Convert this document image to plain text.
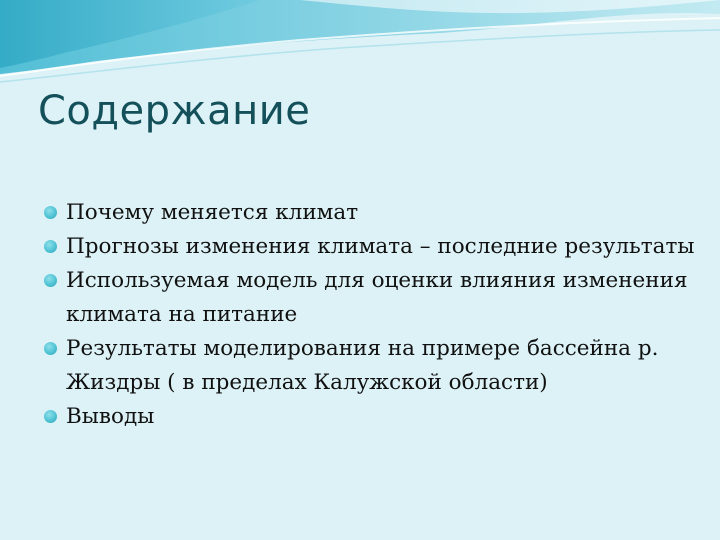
Содержание
Почему меняется климат
Прогнозы изменения климата – последние результаты
Используемая модель для оценки влияния изменения климата на питание
Результаты моделирования на примере бассейна р. Жиздры ( в пределах Калужской области)
Выводы
